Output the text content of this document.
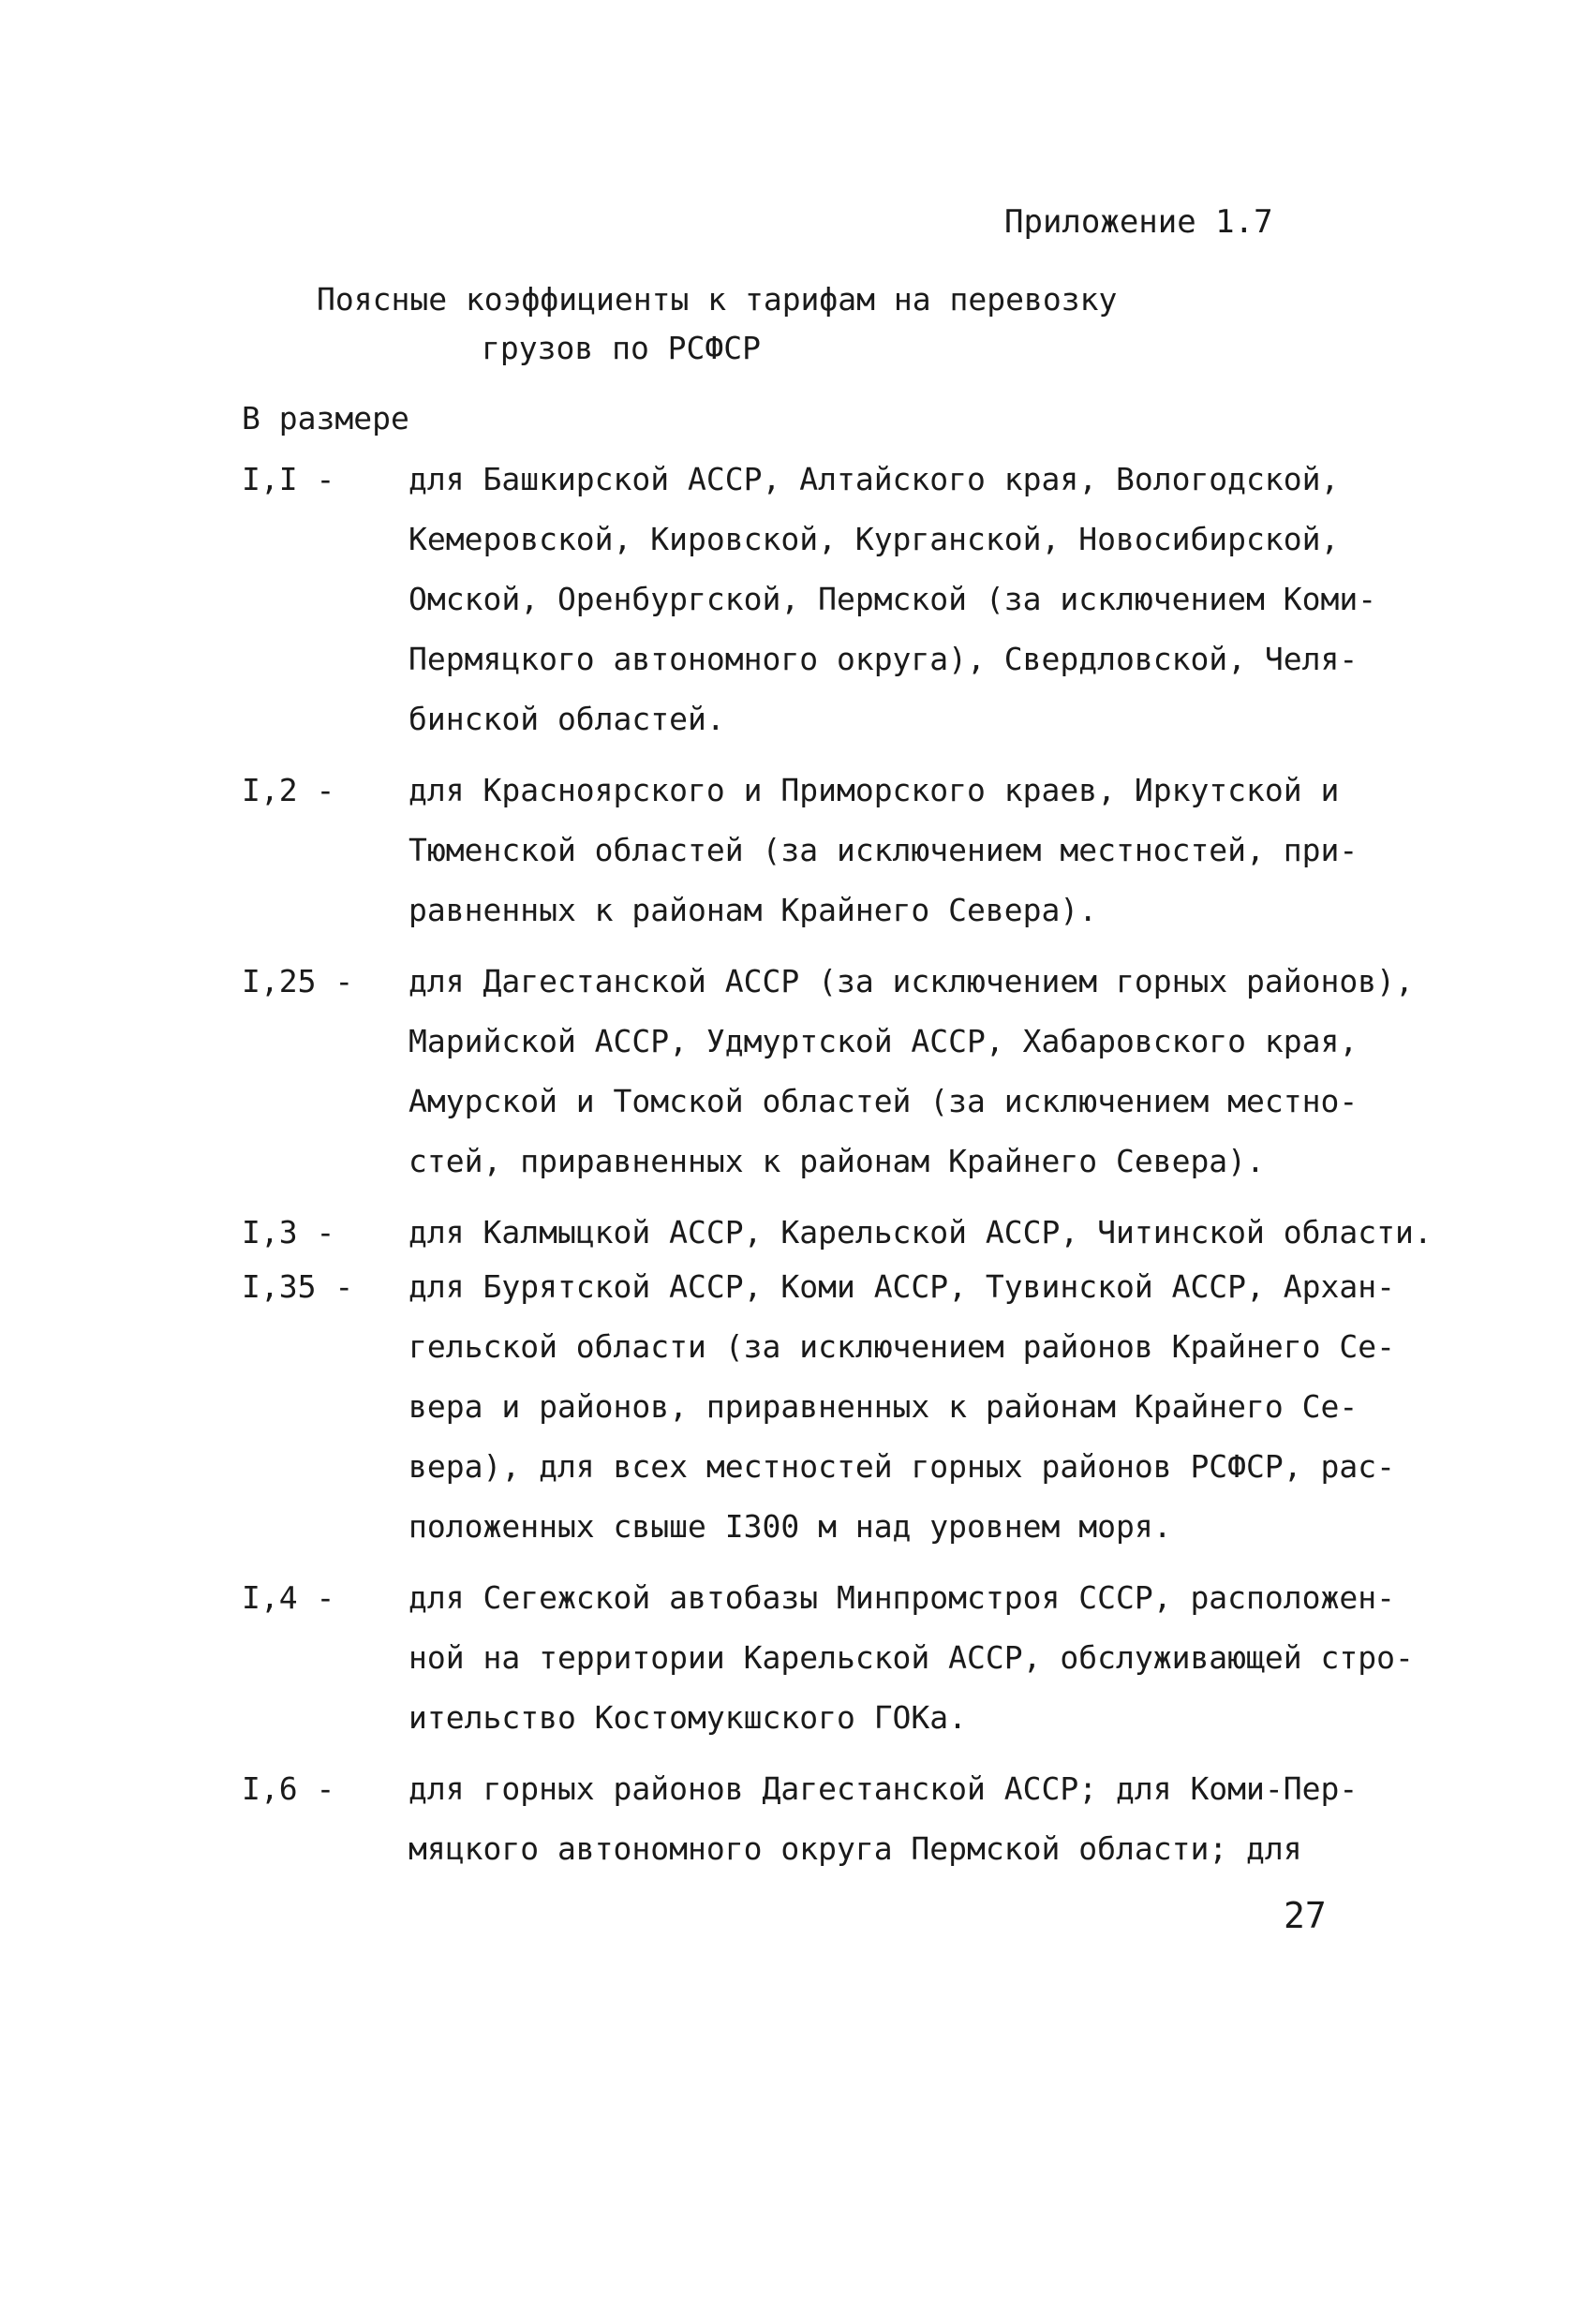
Приложение 1.7
Поясные коэффициенты к тарифам на перевозку
грузов по РСФСР
В размере
I,I -	для Башкирской АССР, Алтайского края, Вологодской,
Кемеровской, Кировской, Курганской, Новосибирской,
Омской, Оренбургской, Пермской (за исключением Коми-
Пермяцкого автономного округа), Свердловской, Челя-
бинской областей.
I,2 -	для Красноярского и Приморского краев, Иркутской и
Тюменской областей (за исключением местностей, при-
равненных к районам Крайнего Севера).
I,25 -	для Дагестанской АССР (за исключением горных районов),
Марийской АССР, Удмуртской АССР, Хабаровского края,
Амурской и Томской областей (за исключением местно-
стей, приравненных к районам Крайнего Севера).
I,3 -	для Калмыцкой АССР, Карельской АССР, Читинской области.
I,35 -	для Бурятской АССР, Коми АССР, Тувинской АССР, Архан-
гельской области (за исключением районов Крайнего Се-
вера и районов, приравненных к районам Крайнего Се-
вера), для всех местностей горных районов РСФСР, рас-
положенных свыше I300 м над уровнем моря.
I,4 -	для Сегежской автобазы Минпромстроя СССР, расположен-
ной на территории Карельской АССР, обслуживающей стро-
ительство Костомукшского ГОКа.
I,6 -	для горных районов Дагестанской АССР; для Коми-Пер-
мяцкого автономного округа Пермской области; для
27
